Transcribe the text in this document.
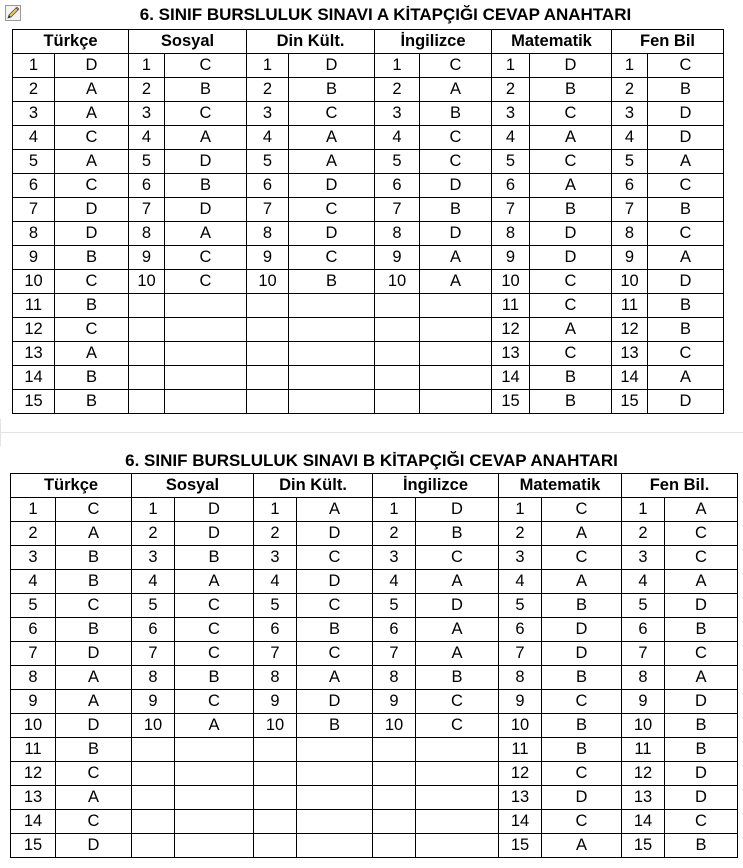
6. SINIF BURSLULUK SINAVI A KİTAPÇIĞI CEVAP ANAHTARI
Türkçe		Sosyal		Din Kült.		İngilizce		Matematik		Fen Bil	
1	D	1	C	1	D	1	C	1	D	1	C
2	A	2	B	2	B	2	A	2	B	2	B
3	A	3	C	3	C	3	B	3	C	3	D
4	C	4	A	4	A	4	C	4	A	4	D
5	A	5	D	5	A	5	C	5	C	5	A
6	C	6	B	6	D	6	D	6	A	6	C
7	D	7	D	7	C	7	B	7	B	7	B
8	D	8	A	8	D	8	D	8	D	8	C
9	B	9	C	9	C	9	A	9	D	9	A
10	C	10	C	10	B	10	A	10	C	10	D
11	B							11	C	11	B
12	C							12	A	12	B
13	A							13	C	13	C
14	B							14	B	14	A
15	B							15	B	15	D
6. SINIF BURSLULUK SINAVI B KİTAPÇIĞI CEVAP ANAHTARI
Türkçe		Sosyal		Din Kült.		İngilizce		Matematik		Fen Bil.	
1	C	1	D	1	A	1	D	1	C	1	A
2	A	2	D	2	D	2	B	2	A	2	C
3	B	3	B	3	C	3	C	3	C	3	C
4	B	4	A	4	D	4	A	4	A	4	A
5	C	5	C	5	C	5	D	5	B	5	D
6	B	6	C	6	B	6	A	6	D	6	B
7	D	7	C	7	C	7	A	7	D	7	C
8	A	8	B	8	A	8	B	8	B	8	A
9	A	9	C	9	D	9	C	9	C	9	D
10	D	10	A	10	B	10	C	10	B	10	B
11	B							11	B	11	B
12	C							12	C	12	D
13	A							13	D	13	D
14	C							14	C	14	C
15	D							15	A	15	B
